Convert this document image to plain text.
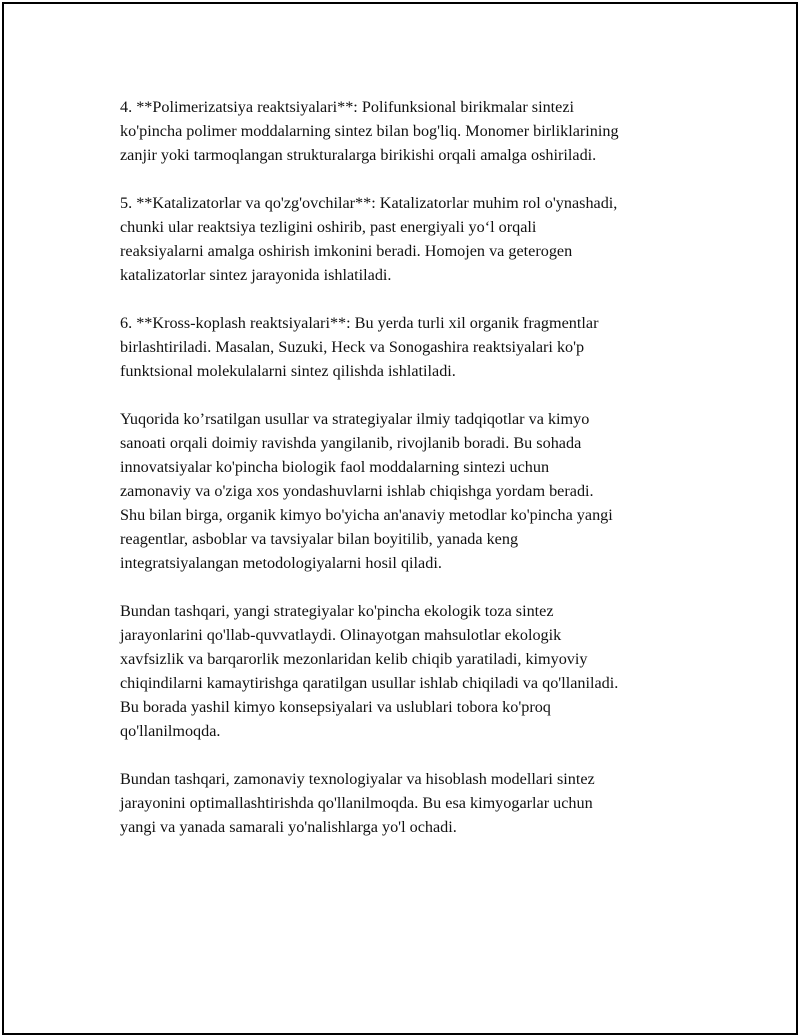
4. **Polimerizatsiya reaktsiyalari**: Polifunksional birikmalar sintezi
ko'pincha polimer moddalarning sintez bilan bog'liq. Monomer birliklarining
zanjir yoki tarmoqlangan strukturalarga birikishi orqali amalga oshiriladi.

5. **Katalizatorlar va qo'zg'ovchilar**: Katalizatorlar muhim rol o'ynashadi,
chunki ular reaktsiya tezligini oshirib, past energiyali yo‘l orqali
reaksiyalarni amalga oshirish imkonini beradi. Homojen va geterogen
katalizatorlar sintez jarayonida ishlatiladi.

6. **Kross-koplash reaktsiyalari**: Bu yerda turli xil organik fragmentlar
birlashtiriladi. Masalan, Suzuki, Heck va Sonogashira reaktsiyalari ko'p
funktsional molekulalarni sintez qilishda ishlatiladi.

Yuqorida ko’rsatilgan usullar va strategiyalar ilmiy tadqiqotlar va kimyo
sanoati orqali doimiy ravishda yangilanib, rivojlanib boradi. Bu sohada
innovatsiyalar ko'pincha biologik faol moddalarning sintezi uchun
zamonaviy va o'ziga xos yondashuvlarni ishlab chiqishga yordam beradi.
Shu bilan birga, organik kimyo bo'yicha an'anaviy metodlar ko'pincha yangi
reagentlar, asboblar va tavsiyalar bilan boyitilib, yanada keng
integratsiyalangan metodologiyalarni hosil qiladi.

Bundan tashqari, yangi strategiyalar ko'pincha ekologik toza sintez
jarayonlarini qo'llab-quvvatlaydi. Olinayotgan mahsulotlar ekologik
xavfsizlik va barqarorlik mezonlaridan kelib chiqib yaratiladi, kimyoviy
chiqindilarni kamaytirishga qaratilgan usullar ishlab chiqiladi va qo'llaniladi.
Bu borada yashil kimyo konsepsiyalari va uslublari tobora ko'proq
qo'llanilmoqda.

Bundan tashqari, zamonaviy texnologiyalar va hisoblash modellari sintez
jarayonini optimallashtirishda qo'llanilmoqda. Bu esa kimyogarlar uchun
yangi va yanada samarali yo'nalishlarga yo'l ochadi.
